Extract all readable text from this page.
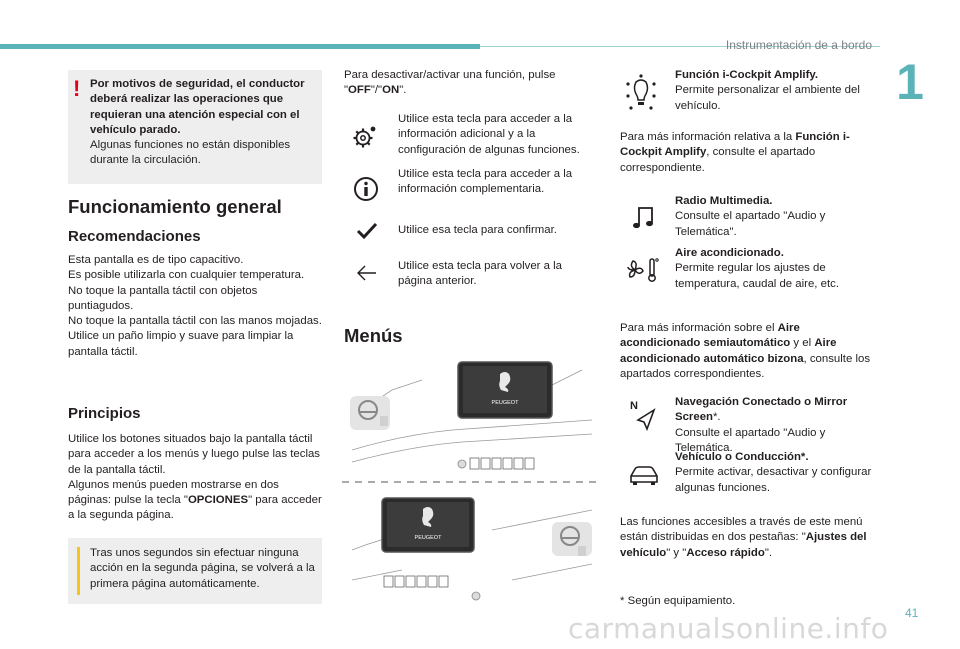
Instrumentación de a bordo
1
! Por motivos de seguridad, el conductor deberá realizar las operaciones que requieran una atención especial con el vehículo parado.

Algunas funciones no están disponibles durante la circulación.

Funcionamiento general
Recomendaciones

Esta pantalla es de tipo capacitivo.

Es posible utilizarla con cualquier temperatura.

No toque la pantalla táctil con objetos puntiagudos.

No toque la pantalla táctil con las manos mojadas.

Utilice un paño limpio y suave para limpiar la pantalla táctil.

Principios

Utilice los botones situados bajo la pantalla táctil para acceder a los menús y luego pulse las teclas de la pantalla táctil.

Algunos menús pueden mostrarse en dos páginas: pulse la tecla "OPCIONES" para acceder a la segunda página.

Tras unos segundos sin efectuar ninguna acción en la segunda página, se volverá a la primera página automáticamente.

Para desactivar/activar una función, pulse "OFF"/"ON".

Utilice esta tecla para acceder a la información adicional y a la configuración de algunas funciones.

Utilice esta tecla para acceder a la información complementaria.

Utilice esa tecla para confirmar.

Utilice esta tecla para volver a la página anterior.

Menús
PEUGEOT
PEUGEOT

Función i-Cockpit Amplify.

Permite personalizar el ambiente del vehículo.

Para más información relativa a la Función i-Cockpit Amplify, consulte el apartado correspondiente.

Radio Multimedia.

Consulte el apartado "Audio y Telemática".

Aire acondicionado.

Permite regular los ajustes de temperatura, caudal de aire, etc.

Para más información sobre el Aire acondicionado semiautomático y el Aire acondicionado automático bizona, consulte los apartados correspondientes.

N	Navegación Conectado o Mirror Screen*.

Consulte el apartado "Audio y Telemática.

Vehículo o Conducción*.

Permite activar, desactivar y configurar algunas funciones.

Las funciones accesibles a través de este menú están distribuidas en dos pestañas: "Ajustes del vehículo" y "Acceso rápido".

* Según equipamiento.

41
carmanualsonline.info
